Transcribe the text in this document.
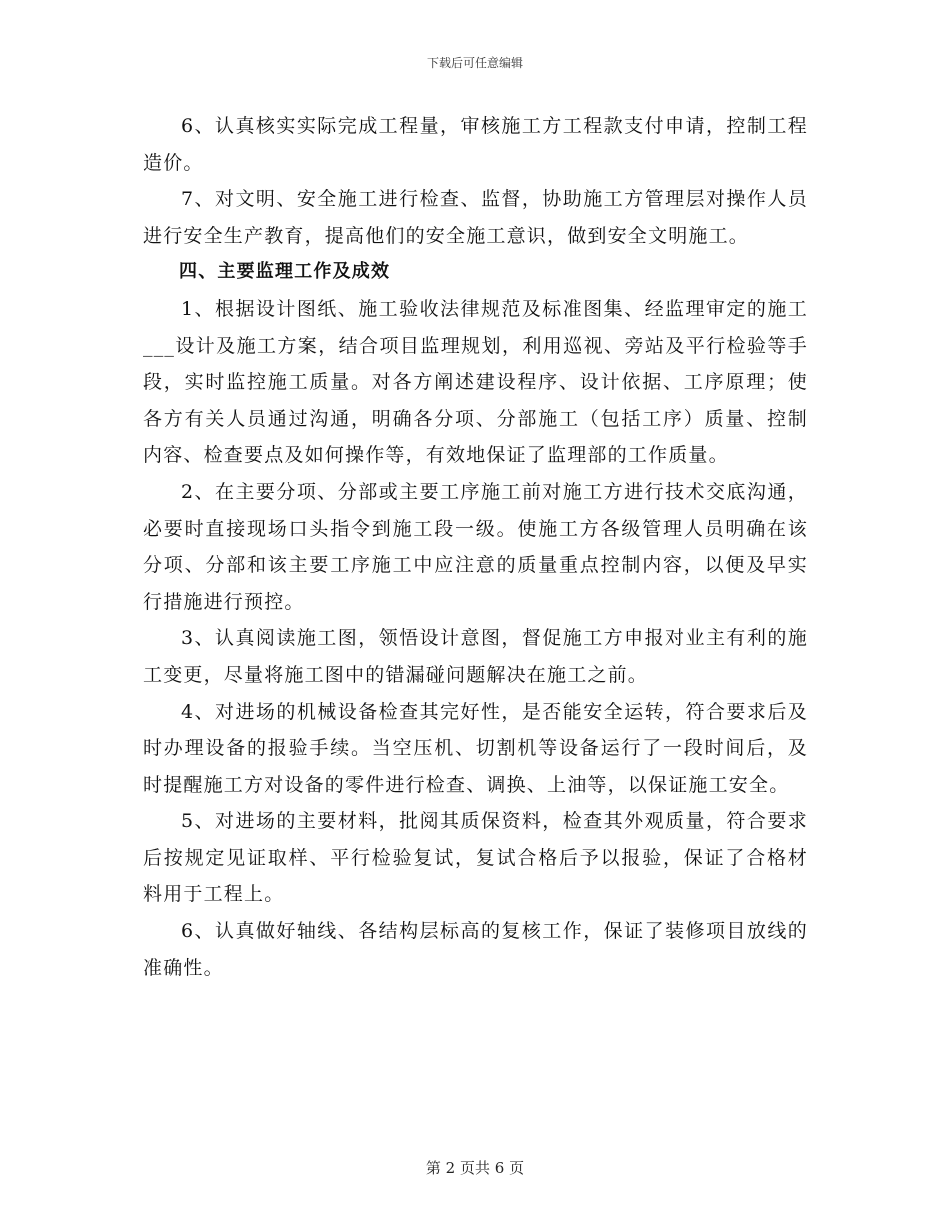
下载后可任意编辑

6、认真核实实际完成工程量，审核施工方工程款支付申请，控制工程造价。

7、对文明、安全施工进行检查、监督，协助施工方管理层对操作人员进行安全生产教育，提高他们的安全施工意识，做到安全文明施工。

四、主要监理工作及成效

1、根据设计图纸、施工验收法律规范及标准图集、经监理审定的施工___设计及施工方案，结合项目监理规划，利用巡视、旁站及平行检验等手段，实时监控施工质量。对各方阐述建设程序、设计依据、工序原理；使各方有关人员通过沟通，明确各分项、分部施工（包括工序）质量、控制内容、检查要点及如何操作等，有效地保证了监理部的工作质量。

2、在主要分项、分部或主要工序施工前对施工方进行技术交底沟通，必要时直接现场口头指令到施工段一级。使施工方各级管理人员明确在该分项、分部和该主要工序施工中应注意的质量重点控制内容，以便及早实行措施进行预控。

3、认真阅读施工图，领悟设计意图，督促施工方申报对业主有利的施工变更，尽量将施工图中的错漏碰问题解决在施工之前。

4、对进场的机械设备检查其完好性，是否能安全运转，符合要求后及时办理设备的报验手续。当空压机、切割机等设备运行了一段时间后，及时提醒施工方对设备的零件进行检查、调换、上油等，以保证施工安全。

5、对进场的主要材料，批阅其质保资料，检查其外观质量，符合要求后按规定见证取样、平行检验复试，复试合格后予以报验，保证了合格材料用于工程上。

6、认真做好轴线、各结构层标高的复核工作，保证了装修项目放线的准确性。

第 2 页共 6 页
